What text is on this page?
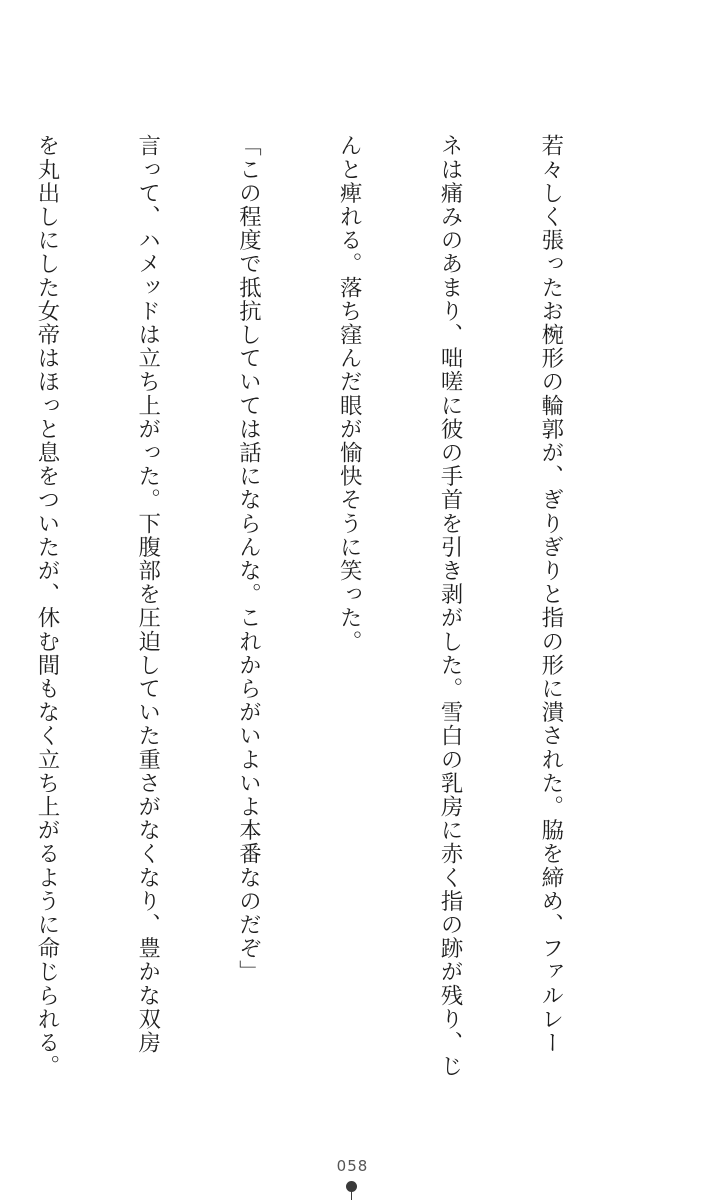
若々しく張ったお椀形の輪郭が、ぎりぎりと指の形に潰された。脇を締め、ファルレー

ネは痛みのあまり、咄嗟に彼の手首を引き剥がした。雪白の乳房に赤く指の跡が残り、じ

んと痺れる。落ち窪んだ眼が愉快そうに笑った。

「この程度で抵抗していては話にならんな。これからがいよいよ本番なのだぞ」

言って、ハメッドは立ち上がった。下腹部を圧迫していた重さがなくなり、豊かな双房

を丸出しにした女帝はほっと息をついたが、休む間もなく立ち上がるように命じられる。

058
